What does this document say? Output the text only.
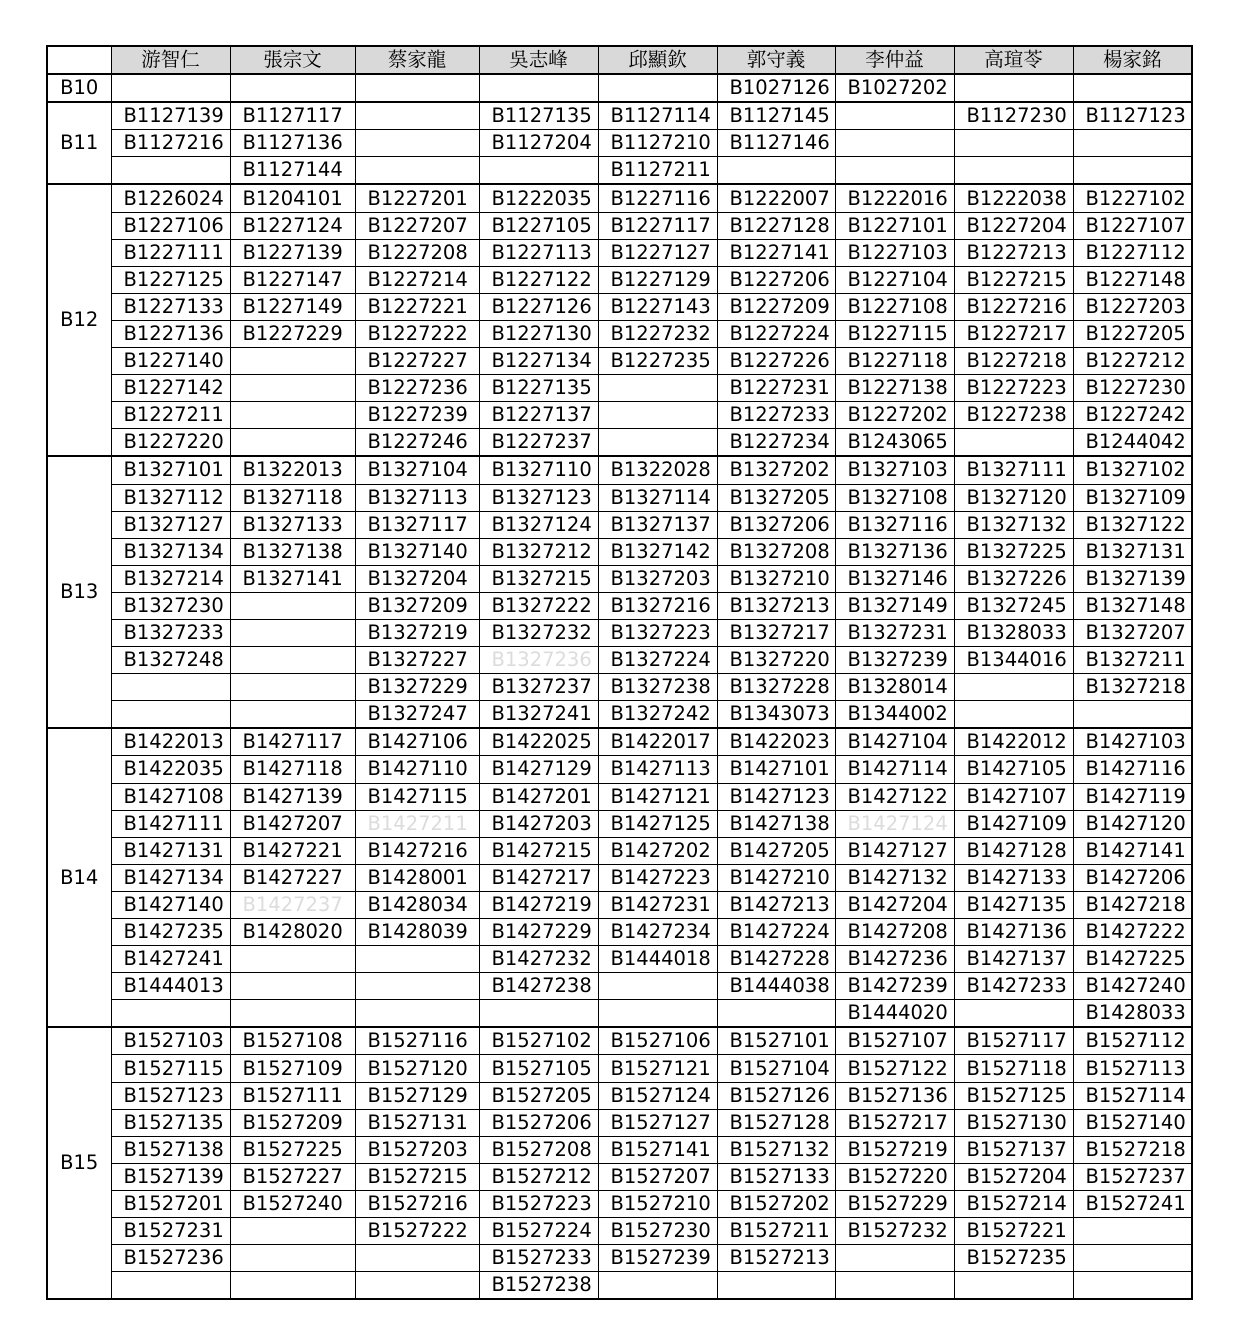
	游智仁	張宗文	蔡家龍	吳志峰	邱顯欽	郭守義	李仲益	高瑄苓	楊家銘
B10						B1027126	B1027202		
B11	B1127139	B1127117		B1127135	B1127114	B1127145		B1127230	B1127123
	B1127216	B1127136		B1127204	B1127210	B1127146			
		B1127144			B1127211				
B12	B1226024	B1204101	B1227201	B1222035	B1227116	B1222007	B1222016	B1222038	B1227102
	B1227106	B1227124	B1227207	B1227105	B1227117	B1227128	B1227101	B1227204	B1227107
	B1227111	B1227139	B1227208	B1227113	B1227127	B1227141	B1227103	B1227213	B1227112
	B1227125	B1227147	B1227214	B1227122	B1227129	B1227206	B1227104	B1227215	B1227148
	B1227133	B1227149	B1227221	B1227126	B1227143	B1227209	B1227108	B1227216	B1227203
	B1227136	B1227229	B1227222	B1227130	B1227232	B1227224	B1227115	B1227217	B1227205
	B1227140		B1227227	B1227134	B1227235	B1227226	B1227118	B1227218	B1227212
	B1227142		B1227236	B1227135		B1227231	B1227138	B1227223	B1227230
	B1227211		B1227239	B1227137		B1227233	B1227202	B1227238	B1227242
	B1227220		B1227246	B1227237		B1227234	B1243065		B1244042
B13	B1327101	B1322013	B1327104	B1327110	B1322028	B1327202	B1327103	B1327111	B1327102
	B1327112	B1327118	B1327113	B1327123	B1327114	B1327205	B1327108	B1327120	B1327109
	B1327127	B1327133	B1327117	B1327124	B1327137	B1327206	B1327116	B1327132	B1327122
	B1327134	B1327138	B1327140	B1327212	B1327142	B1327208	B1327136	B1327225	B1327131
	B1327214	B1327141	B1327204	B1327215	B1327203	B1327210	B1327146	B1327226	B1327139
	B1327230		B1327209	B1327222	B1327216	B1327213	B1327149	B1327245	B1327148
	B1327233		B1327219	B1327232	B1327223	B1327217	B1327231	B1328033	B1327207
	B1327248		B1327227	B1327236	B1327224	B1327220	B1327239	B1344016	B1327211
			B1327229	B1327237	B1327238	B1327228	B1328014		B1327218
			B1327247	B1327241	B1327242	B1343073	B1344002		
B14	B1422013	B1427117	B1427106	B1422025	B1422017	B1422023	B1427104	B1422012	B1427103
	B1422035	B1427118	B1427110	B1427129	B1427113	B1427101	B1427114	B1427105	B1427116
	B1427108	B1427139	B1427115	B1427201	B1427121	B1427123	B1427122	B1427107	B1427119
	B1427111	B1427207	B1427211	B1427203	B1427125	B1427138	B1427124	B1427109	B1427120
	B1427131	B1427221	B1427216	B1427215	B1427202	B1427205	B1427127	B1427128	B1427141
	B1427134	B1427227	B1428001	B1427217	B1427223	B1427210	B1427132	B1427133	B1427206
	B1427140	B1427237	B1428034	B1427219	B1427231	B1427213	B1427204	B1427135	B1427218
	B1427235	B1428020	B1428039	B1427229	B1427234	B1427224	B1427208	B1427136	B1427222
	B1427241			B1427232	B1444018	B1427228	B1427236	B1427137	B1427225
	B1444013			B1427238		B1444038	B1427239	B1427233	B1427240
							B1444020		B1428033
B15	B1527103	B1527108	B1527116	B1527102	B1527106	B1527101	B1527107	B1527117	B1527112
	B1527115	B1527109	B1527120	B1527105	B1527121	B1527104	B1527122	B1527118	B1527113
	B1527123	B1527111	B1527129	B1527205	B1527124	B1527126	B1527136	B1527125	B1527114
	B1527135	B1527209	B1527131	B1527206	B1527127	B1527128	B1527217	B1527130	B1527140
	B1527138	B1527225	B1527203	B1527208	B1527141	B1527132	B1527219	B1527137	B1527218
	B1527139	B1527227	B1527215	B1527212	B1527207	B1527133	B1527220	B1527204	B1527237
	B1527201	B1527240	B1527216	B1527223	B1527210	B1527202	B1527229	B1527214	B1527241
	B1527231		B1527222	B1527224	B1527230	B1527211	B1527232	B1527221	
	B1527236			B1527233	B1527239	B1527213		B1527235	
				B1527238					
